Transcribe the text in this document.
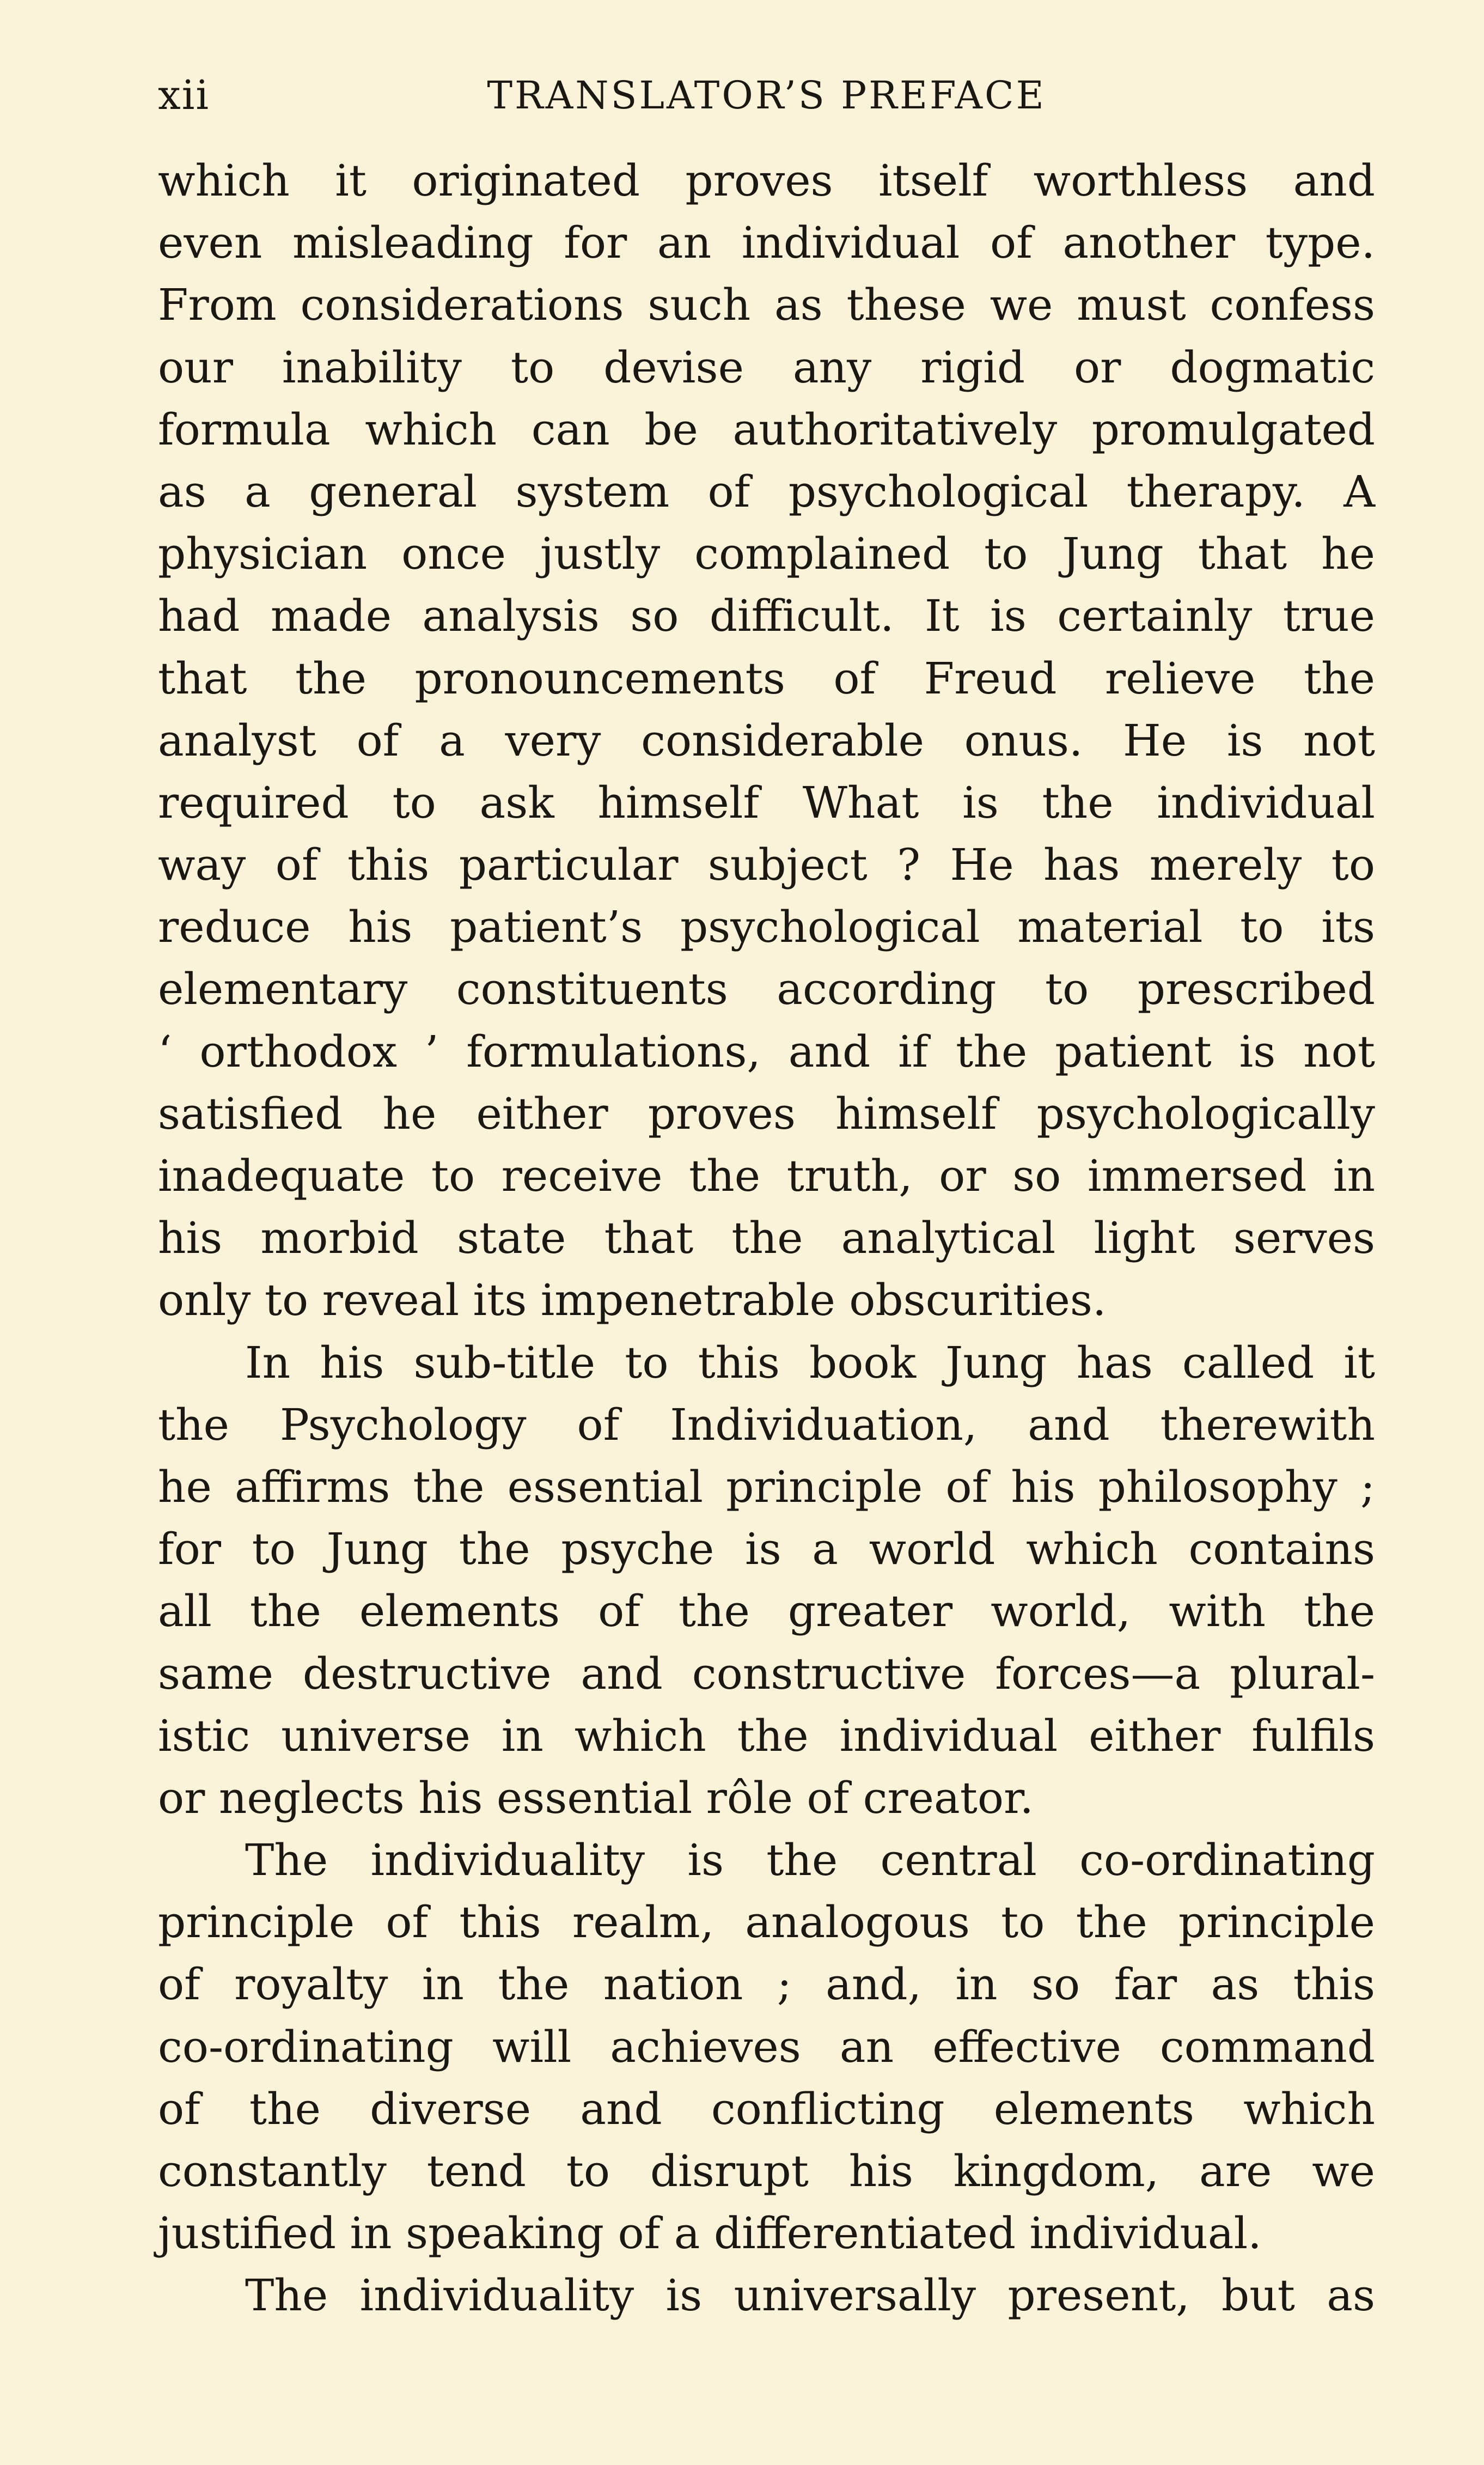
xii	TRANSLATOR’S PREFACE
which it originated proves itself worthless and
even misleading for an individual of another type.
From considerations such as these we must confess
our inability to devise any rigid or dogmatic
formula which can be authoritatively promulgated
as a general system of psychological therapy. A
physician once justly complained to Jung that he
had made analysis so difficult. It is certainly true
that the pronouncements of Freud relieve the
analyst of a very considerable onus. He is not
required to ask himself What is the individual
way of this particular subject ? He has merely to
reduce his patient’s psychological material to its
elementary constituents according to prescribed
‘ orthodox ’ formulations, and if the patient is not
satisfied he either proves himself psychologically
inadequate to receive the truth, or so immersed in
his morbid state that the analytical light serves
only to reveal its impenetrable obscurities.
In his sub-title to this book Jung has called it
the Psychology of Individuation, and therewith
he affirms the essential principle of his philosophy ;
for to Jung the psyche is a world which contains
all the elements of the greater world, with the
same destructive and constructive forces—a plural-
istic universe in which the individual either fulfils
or neglects his essential rôle of creator.
The individuality is the central co-ordinating
principle of this realm, analogous to the principle
of royalty in the nation ; and, in so far as this
co-ordinating will achieves an effective command
of the diverse and conflicting elements which
constantly tend to disrupt his kingdom, are we
justified in speaking of a differentiated individual.
The individuality is universally present, but as
